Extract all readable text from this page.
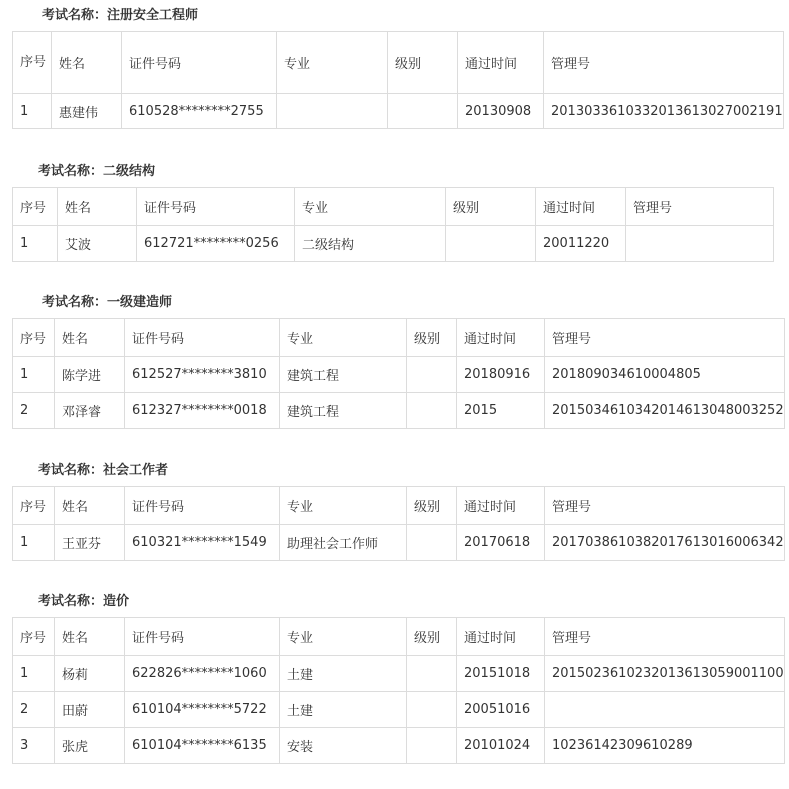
考试名称：注册安全工程师
序号	姓名	证件号码	专业	级别	通过时间	管理号
1	惠建伟	610528********2755			20130908	2013033610332013613027002191
考试名称：二级结构
序号	姓名	证件号码	专业	级别	通过时间	管理号
1	艾波	612721********0256	二级结构		20011220	
考试名称：一级建造师
序号	姓名	证件号码	专业	级别	通过时间	管理号
1	陈学进	612527********3810	建筑工程		20180916	201809034610004805
2	邓泽睿	612327********0018	建筑工程		2015	2015034610342014613048003252
考试名称：社会工作者
序号	姓名	证件号码	专业	级别	通过时间	管理号
1	王亚芬	610321********1549	助理社会工作师		20170618	2017038610382017613016006342
考试名称：造价
序号	姓名	证件号码	专业	级别	通过时间	管理号
1	杨莉	622826********1060	土建		20151018	2015023610232013613059001100
2	田蔚	610104********5722	土建		20051016	
3	张虎	610104********6135	安装		20101024	10236142309610289
